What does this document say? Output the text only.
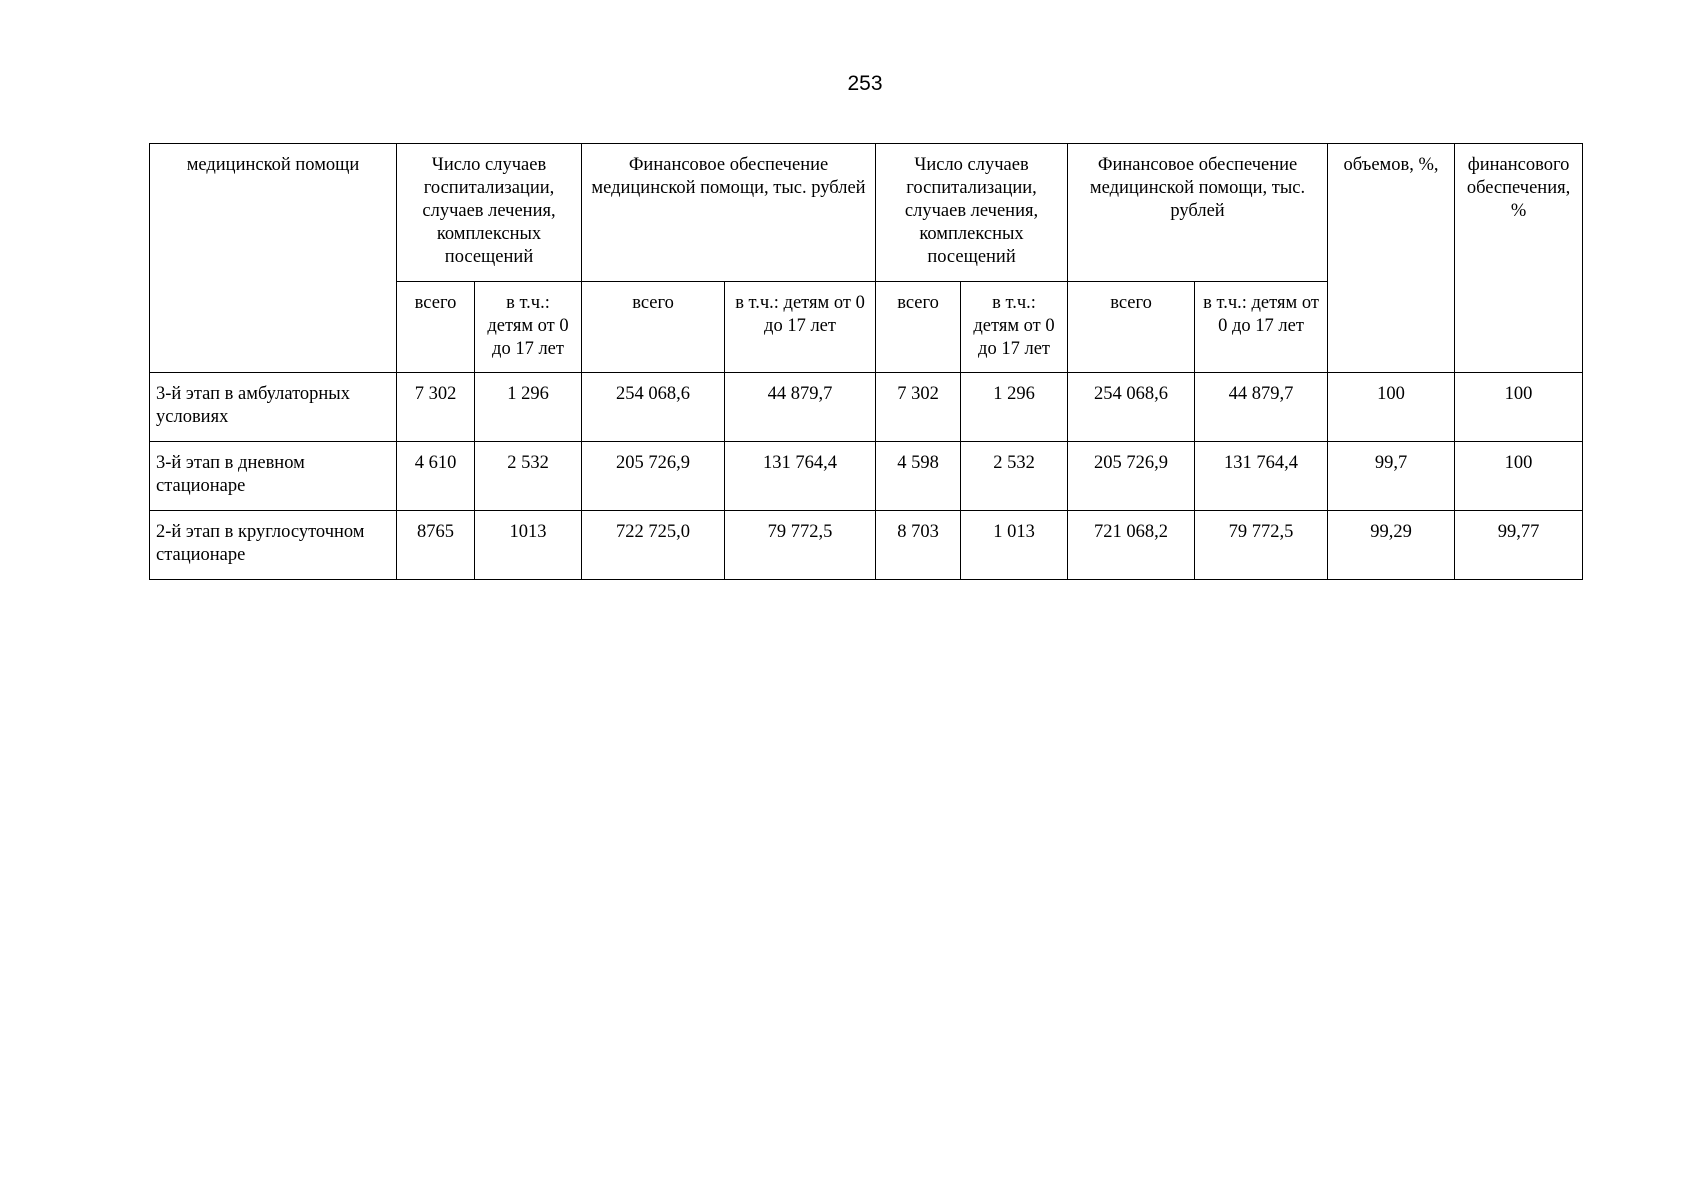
253
медицинской помощи	Число случаев госпитализации, случаев лечения, комплексных посещений		Финансовое обеспечение медицинской помощи, тыс. рублей		Число случаев госпитализации, случаев лечения, комплексных посещений		Финансовое обеспечение медицинской помощи, тыс. рублей		объемов, %,	финансового обеспечения, %
	всего	в т.ч.: детям от 0 до 17 лет	всего	в т.ч.: детям от 0 до 17 лет	всего	в т.ч.: детям от 0 до 17 лет	всего	в т.ч.: детям от 0 до 17 лет		
3-й этап в амбулаторных условиях	7 302	1 296	254 068,6	44 879,7	7 302	1 296	254 068,6	44 879,7	100	100
3-й этап в дневном стационаре	4 610	2 532	205 726,9	131 764,4	4 598	2 532	205 726,9	131 764,4	99,7	100
2-й этап в круглосуточном стационаре	8765	1013	722 725,0	79 772,5	8 703	1 013	721 068,2	79 772,5	99,29	99,77
